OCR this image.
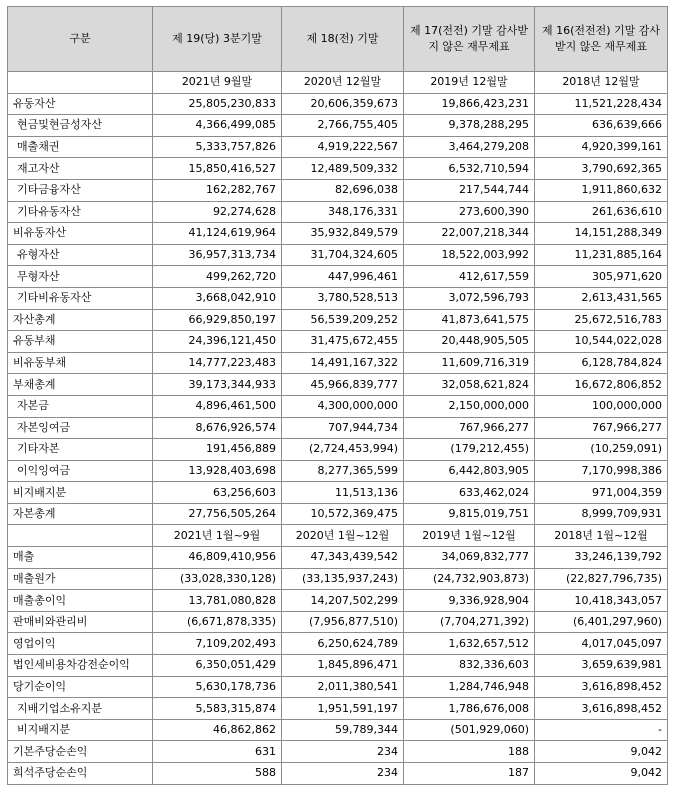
구분	제 19(당) 3분기말	제 18(전) 기말	제 17(전전) 기말 감사받지 않은 재무제표	제 16(전전전) 기말 감사받지 않은 재무제표
	2021년 9월말	2020년 12월말	2019년 12월말	2018년 12월말
유동자산	25,805,230,833	20,606,359,673	19,866,423,231	11,521,228,434
현금및현금성자산	4,366,499,085	2,766,755,405	9,378,288,295	636,639,666
매출채권	5,333,757,826	4,919,222,567	3,464,279,208	4,920,399,161
재고자산	15,850,416,527	12,489,509,332	6,532,710,594	3,790,692,365
기타금융자산	162,282,767	82,696,038	217,544,744	1,911,860,632
기타유동자산	92,274,628	348,176,331	273,600,390	261,636,610
비유동자산	41,124,619,964	35,932,849,579	22,007,218,344	14,151,288,349
유형자산	36,957,313,734	31,704,324,605	18,522,003,992	11,231,885,164
무형자산	499,262,720	447,996,461	412,617,559	305,971,620
기타비유동자산	3,668,042,910	3,780,528,513	3,072,596,793	2,613,431,565
자산총계	66,929,850,197	56,539,209,252	41,873,641,575	25,672,516,783
유동부채	24,396,121,450	31,475,672,455	20,448,905,505	10,544,022,028
비유동부채	14,777,223,483	14,491,167,322	11,609,716,319	6,128,784,824
부채총계	39,173,344,933	45,966,839,777	32,058,621,824	16,672,806,852
자본금	4,896,461,500	4,300,000,000	2,150,000,000	100,000,000
자본잉여금	8,676,926,574	707,944,734	767,966,277	767,966,277
기타자본	191,456,889	(2,724,453,994)	(179,212,455)	(10,259,091)
이익잉여금	13,928,403,698	8,277,365,599	6,442,803,905	7,170,998,386
비지배지분	63,256,603	11,513,136	633,462,024	971,004,359
자본총계	27,756,505,264	10,572,369,475	9,815,019,751	8,999,709,931
	2021년 1월~9월	2020년 1월~12월	2019년 1월~12월	2018년 1월~12월
매출	46,809,410,956	47,343,439,542	34,069,832,777	33,246,139,792
매출원가	(33,028,330,128)	(33,135,937,243)	(24,732,903,873)	(22,827,796,735)
매출총이익	13,781,080,828	14,207,502,299	9,336,928,904	10,418,343,057
판매비와관리비	(6,671,878,335)	(7,956,877,510)	(7,704,271,392)	(6,401,297,960)
영업이익	7,109,202,493	6,250,624,789	1,632,657,512	4,017,045,097
법인세비용차감전순이익	6,350,051,429	1,845,896,471	832,336,603	3,659,639,981
당기순이익	5,630,178,736	2,011,380,541	1,284,746,948	3,616,898,452
지배기업소유지분	5,583,315,874	1,951,591,197	1,786,676,008	3,616,898,452
비지배지분	46,862,862	59,789,344	(501,929,060)	-
기본주당순손익	631	234	188	9,042
희석주당순손익	588	234	187	9,042
